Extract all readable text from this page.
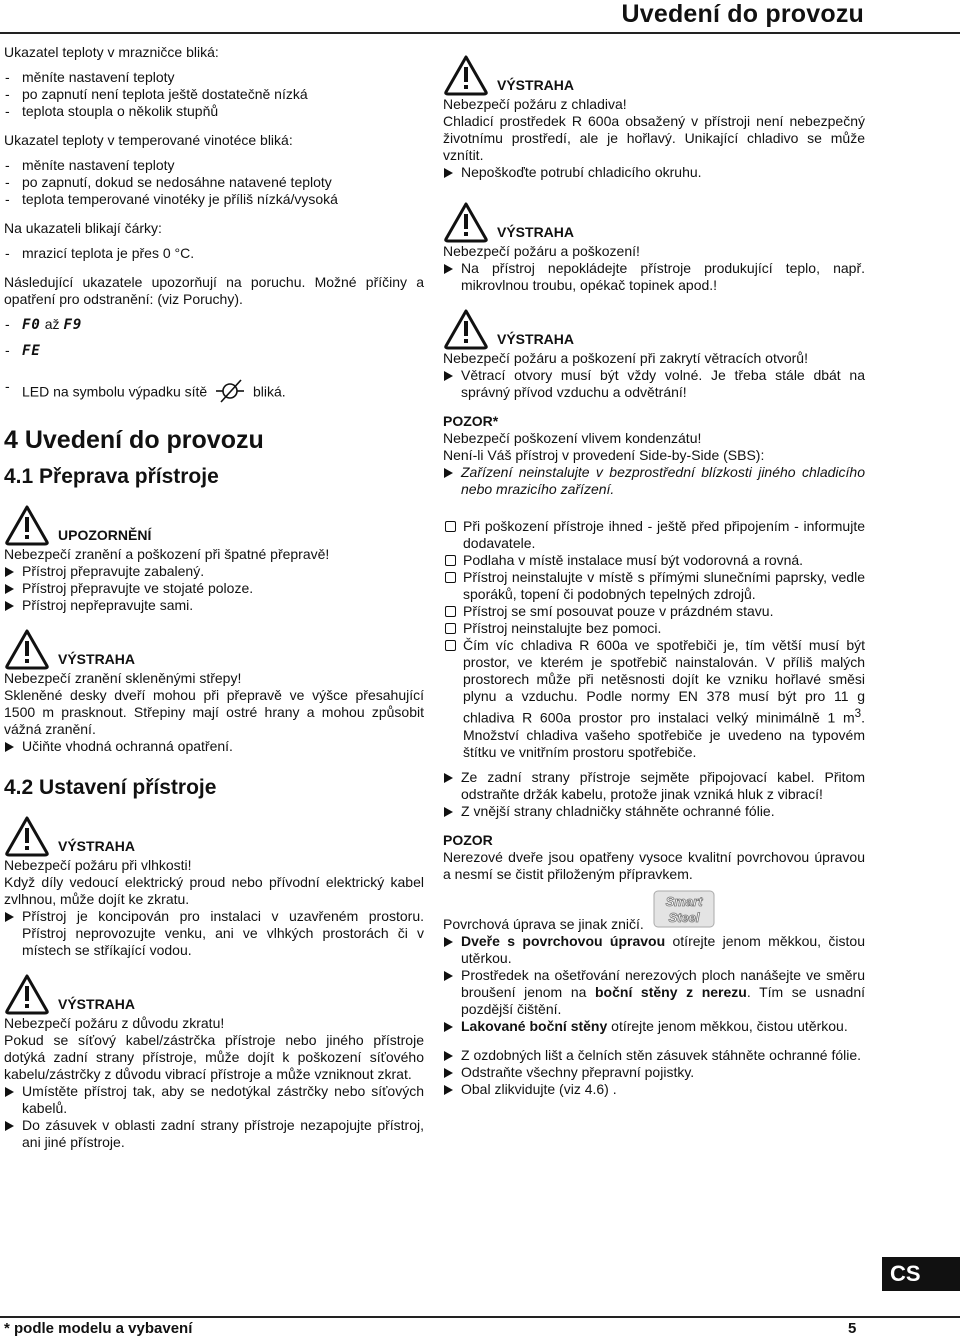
Uvedení do provozu

Ukazatel teploty v mrazničce bliká:

- měníte nastavení teploty

- po zapnutí není teplota ještě dostatečně nízká

- teplota stoupla o několik stupňů

Ukazatel teploty v temperované vinotéce bliká:

- měníte nastavení teploty

- po zapnutí, dokud se nedosáhne natavené teploty

- teplota temperované vinotéky je příliš nízká/vysoká

Na ukazateli blikají čárky:

- mrazicí teplota je přes 0 °C.

Následující ukazatele upozorňují na poruchu. Možné příčiny a opatření pro odstranění: (viz Poruchy).

- F0 až F9

- FE

- LED na symbolu výpadku sítě	bliká.

4 Uvedení do provozu
4.1 Přeprava přístroje
UPOZORNĚNÍ

Nebezpečí zranění a poškození při špatné přepravě!

Přístroj přepravujte zabalený.

Přístroj přepravujte ve stojaté poloze.

Přístroj nepřepravujte sami.

VÝSTRAHA

Nebezpečí zranění skleněnými střepy!

Skleněné desky dveří mohou při přepravě ve výšce přesahující 1500 m prasknout. Střepiny mají ostré hrany a mohou způsobit vážná zranění.

Učiňte vhodná ochranná opatření.

4.2 Ustavení přístroje
VÝSTRAHA

Nebezpečí požáru při vlhkosti!

Když díly vedoucí elektrický proud nebo přívodní elektrický kabel zvlhnou, může dojít ke zkratu.

Přístroj je koncipován pro instalaci v uzavřeném prostoru. Přístroj neprovozujte venku, ani ve vlhkých prostorách či v místech se stříkající vodou.

VÝSTRAHA

Nebezpečí požáru z důvodu zkratu!

Pokud se síťový kabel/zástrčka přístroje nebo jiného přístroje dotýká zadní strany přístroje, může dojít k poškození síťového kabelu/zástrčky z důvodu vibrací přístroje a může vzniknout zkrat.

Umístěte přístroj tak, aby se nedotýkal zástrčky nebo síťových kabelů.

Do zásuvek v oblasti zadní strany přístroje nezapojujte přístroj, ani jiné přístroje.

VÝSTRAHA

Nebezpečí požáru z chladiva!

Chladicí prostředek R 600a obsažený v přístroji není nebezpečný životnímu prostředí, ale je hořlavý. Unikající chladivo se může vznítit.

Nepoškoďte potrubí chladicího okruhu.

VÝSTRAHA

Nebezpečí požáru a poškození!

Na přístroj nepokládejte přístroje produkující teplo, např. mikrovlnou troubu, opékač topinek apod.!

VÝSTRAHA

Nebezpečí požáru a poškození při zakrytí větracích otvorů!

Větrací otvory musí být vždy volné. Je třeba stále dbát na správný přívod vzduchu a odvětrání!

POZOR*

Nebezpečí poškození vlivem kondenzátu!

Není-li Váš přístroj v provedení Side-by-Side (SBS):

Zařízení neinstalujte v bezprostřední blízkosti jiného chladicího nebo mrazicího zařízení.

Při poškození přístroje ihned - ještě před připojením - informujte dodavatele.

Podlaha v místě instalace musí být vodorovná a rovná.

Přístroj neinstalujte v místě s přímými slunečními paprsky, vedle sporáků, topení či podobných tepelných zdrojů.

Přístroj se smí posouvat pouze v prázdném stavu.

Přístroj neinstalujte bez pomoci.

Čím víc chladiva R 600a ve spotřebiči je, tím větší musí být prostor, ve kterém je spotřebič nainstalován. V příliš malých prostorech může při netěsnosti dojít ke vzniku hořlavé směsi plynu a vzduchu. Podle normy EN 378 musí být pro 11 g chladiva R 600a prostor pro instalaci velký minimálně 1 $m^3$. Množství chladiva vašeho spotřebiče je uvedeno na typovém štítku ve vnitřním prostoru spotřebiče.

Ze zadní strany přístroje sejměte připojovací kabel. Přitom odstraňte držák kabelu, protože jinak vzniká hluk z vibrací!

Z vnější strany chladničky stáhněte ochranné fólie.

POZOR

Nerezové dveře jsou opatřeny vysoce kvalitní povrchovou úpravou a nesmí se čistit přiloženým přípravkem.

Povrchová úprava se jinak zničí.
Smart
Steel

Dveře s povrchovou úpravou otírejte jenom měkkou, čistou utěrkou.

Prostředek na ošetřování nerezových ploch nanášejte ve směru broušení jenom na boční stěny z nerezu. Tím se usnadní pozdější čištění.

Lakované boční stěny otírejte jenom měkkou, čistou utěrkou.

Z ozdobných lišt a čelních stěn zásuvek stáhněte ochranné fólie.

Odstraňte všechny přepravní pojistky.

Obal zlikvidujte (viz 4.6) .

CS
* podle modelu a vybavení	5
